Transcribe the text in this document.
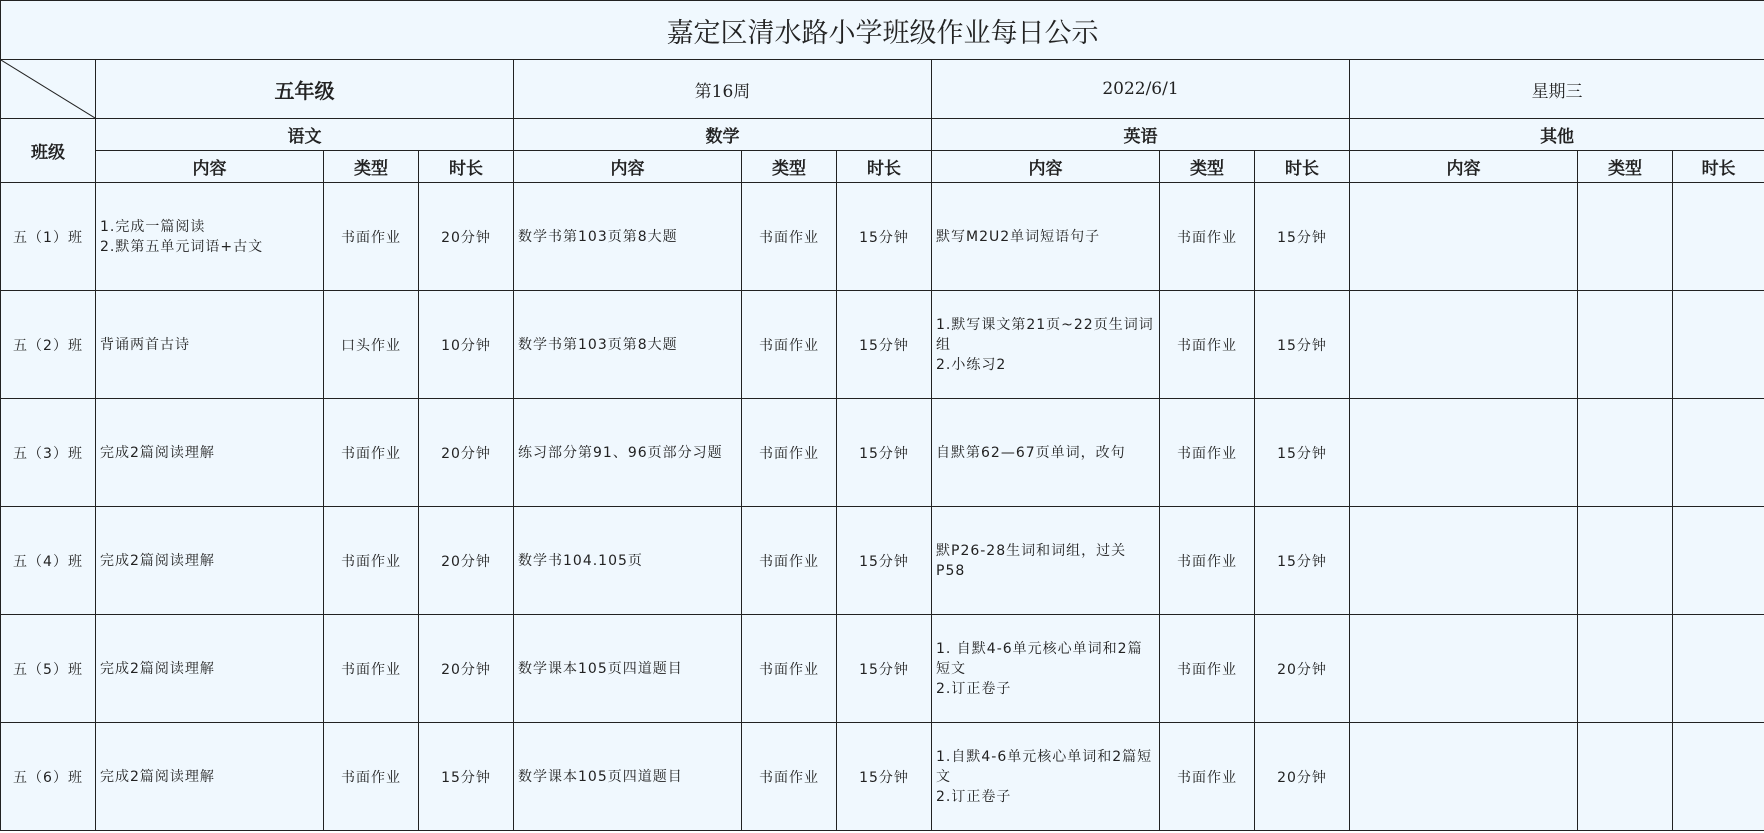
嘉定区清水路小学班级作业每日公示												

	五年级			第16周			2022/6/1			星期三		
班级	语文			数学			英语			其他		
	内容	类型	时长	内容	类型	时长	内容	类型	时长	内容	类型	时长
五（1）班	1.完成一篇阅读
2.默第五单元词语+古文	书面作业	20分钟	数学书第103页第8大题	书面作业	15分钟	默写M2U2单词短语句子	书面作业	15分钟			
五（2）班	背诵两首古诗	口头作业	10分钟	数学书第103页第8大题	书面作业	15分钟	1.默写课文第21页~22页生词词组
2.小练习2	书面作业	15分钟			
五（3）班	完成2篇阅读理解	书面作业	20分钟	练习部分第91、96页部分习题	书面作业	15分钟	自默第62—67页单词，改句	书面作业	15分钟			
五（4）班	完成2篇阅读理解	书面作业	20分钟	数学书104.105页	书面作业	15分钟	默P26-28生词和词组，过关P58	书面作业	15分钟			
五（5）班	完成2篇阅读理解	书面作业	20分钟	数学课本105页四道题目	书面作业	15分钟	1. 自默4-6单元核心单词和2篇短文
2.订正卷子	书面作业	20分钟			
五（6）班	完成2篇阅读理解	书面作业	15分钟	数学课本105页四道题目	书面作业	15分钟	1.自默4-6单元核心单词和2篇短文
2.订正卷子	书面作业	20分钟			
